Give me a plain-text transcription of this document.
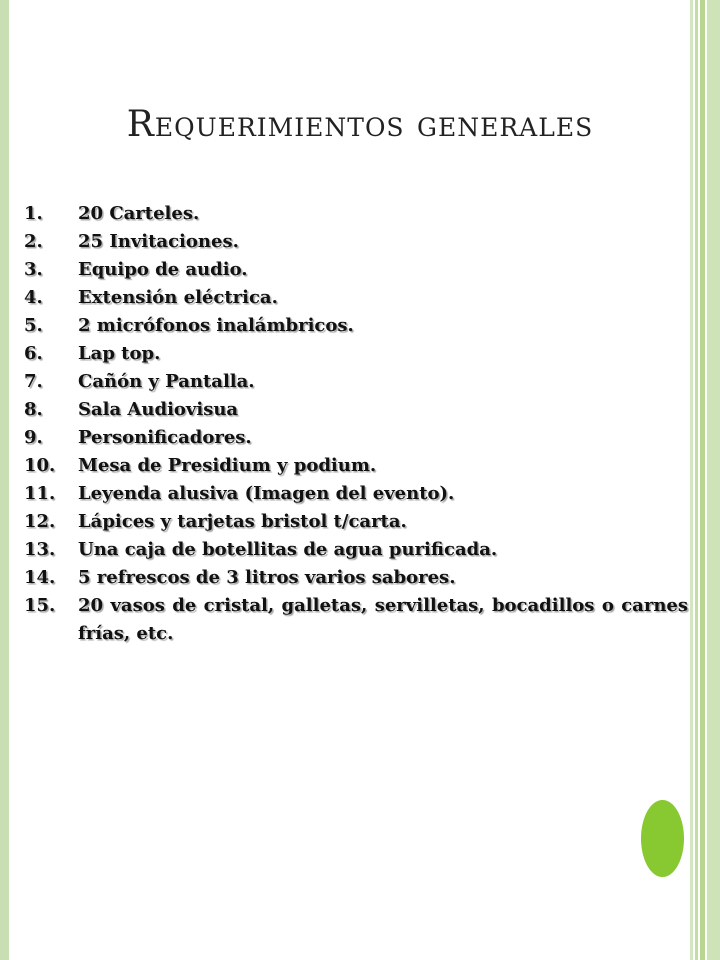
Requerimientos generales
1.	20 Carteles.
2.	25 Invitaciones.
3.	Equipo de audio.
4.	Extensión eléctrica.
5.	2 micrófonos inalámbricos.
6.	Lap top.
7.	Cañón y Pantalla.
8.	Sala Audiovisua
9.	Personificadores.
10.	Mesa de Presidium y podium.
11.	Leyenda alusiva (Imagen del evento).
12.	Lápices y tarjetas bristol t/carta.
13.	Una caja de botellitas de agua purificada.
14.	5 refrescos de 3 litros varios sabores.
15.	20 vasos de cristal, galletas, servilletas, bocadillos o carnes frías, etc.
